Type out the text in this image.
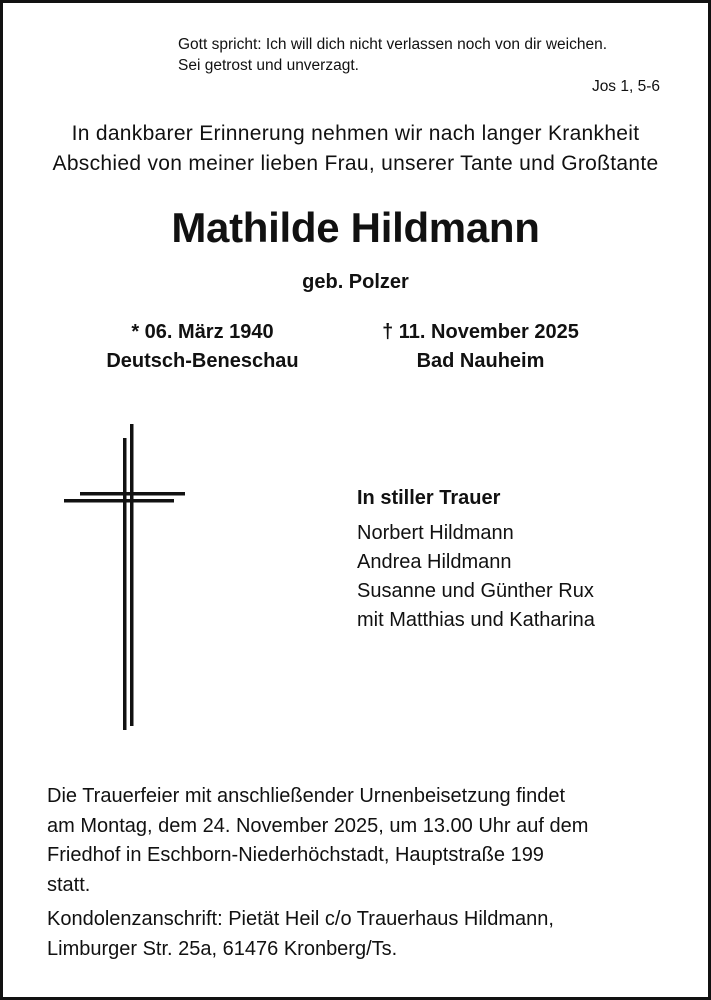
Gott spricht: Ich will dich nicht verlassen noch von dir weichen.
Sei getrost und unverzagt.
Jos 1, 5-6
In dankbarer Erinnerung nehmen wir nach langer Krankheit
Abschied von meiner lieben Frau, unserer Tante und Großtante
Mathilde Hildmann
geb. Polzer
* 06. März 1940
Deutsch-Beneschau
† 11. November 2025
Bad Nauheim
In stiller Trauer
Norbert Hildmann
Andrea Hildmann
Susanne und Günther Rux
mit Matthias und Katharina
Die Trauerfeier mit anschließender Urnenbeisetzung findet
am Montag, dem 24. November 2025, um 13.00 Uhr auf dem
Friedhof in Eschborn-Niederhöchstadt, Hauptstraße 199
statt.
Kondolenzanschrift: Pietät Heil c/o Trauerhaus Hildmann,
Limburger Str. 25a, 61476 Kronberg/Ts.
